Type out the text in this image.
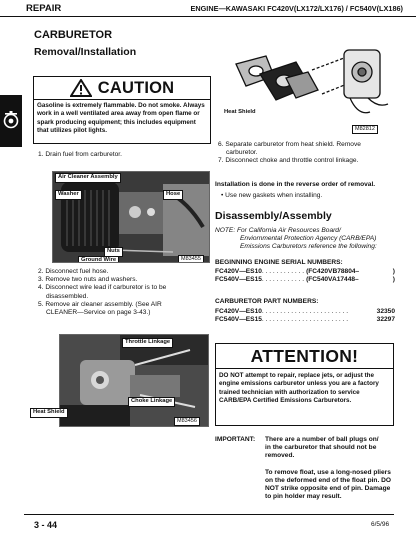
REPAIR	ENGINE—KAWASAKI FC420V(LX172/LX176) / FC540V(LX186)
CARBURETOR
Removal/Installation
CAUTION
Gasoline is extremely flammable. Do not smoke. Always work in a well ventilated area away from open flame or spark producing equipment; this includes equipment that utilizes pilot lights.
1. Drain fuel from carburetor.
Air Cleaner Assembly
Washer	Hose
Nuts
Ground Wire	M83455
2. Disconnect fuel hose.
3. Remove two nuts and washers.
4. Disconnect wire lead if carburetor is to be
disassembled.
5. Remove air cleaner assembly. (See AIR
CLEANER—Service on page 3-43.)
Throttle Linkage
Choke Linkage
M83456
Heat Shield
Heat Shield
M82812
6. Separate carburetor from heat shield. Remove
carburetor.
7. Disconnect choke and throttle control linkage.
Installation is done in the reverse order of removal.
• Use new gaskets when installing.
Disassembly/Assembly
NOTE: For California Air Resources Board/
Enviornmental Protection Agency (CARB/EPA)
Emissions Carburetors reference the following:
BEGINNING ENGINE SERIAL NUMBERS:
FC420V—ES10 . . . . . . . . . . . . (FC420VB78804–	)
FC540V—ES15 . . . . . . . . . . . . (FC540VA17448–	)
CARBURETOR PART NUMBERS:
FC420V—ES10 . . . . . . . . . . . . . . . . . . . . . . . .	32350
FC540V—ES15 . . . . . . . . . . . . . . . . . . . . . . . .	32297
ATTENTION!
DO NOT attempt to repair, replace jets, or adjust the engine emissions carburetor unless you are a factory trained technician with authorization to service CARB/EPA Certified Emissions Carburetors.
IMPORTANT:	There are a number of ball plugs on/
in the carburetor that should not be removed.
To remove float, use a long-nosed pliers on the deformed end of the float pin. DO NOT strike opposite end of pin. Damage to pin holder may result.
3 - 44	6/5/96
